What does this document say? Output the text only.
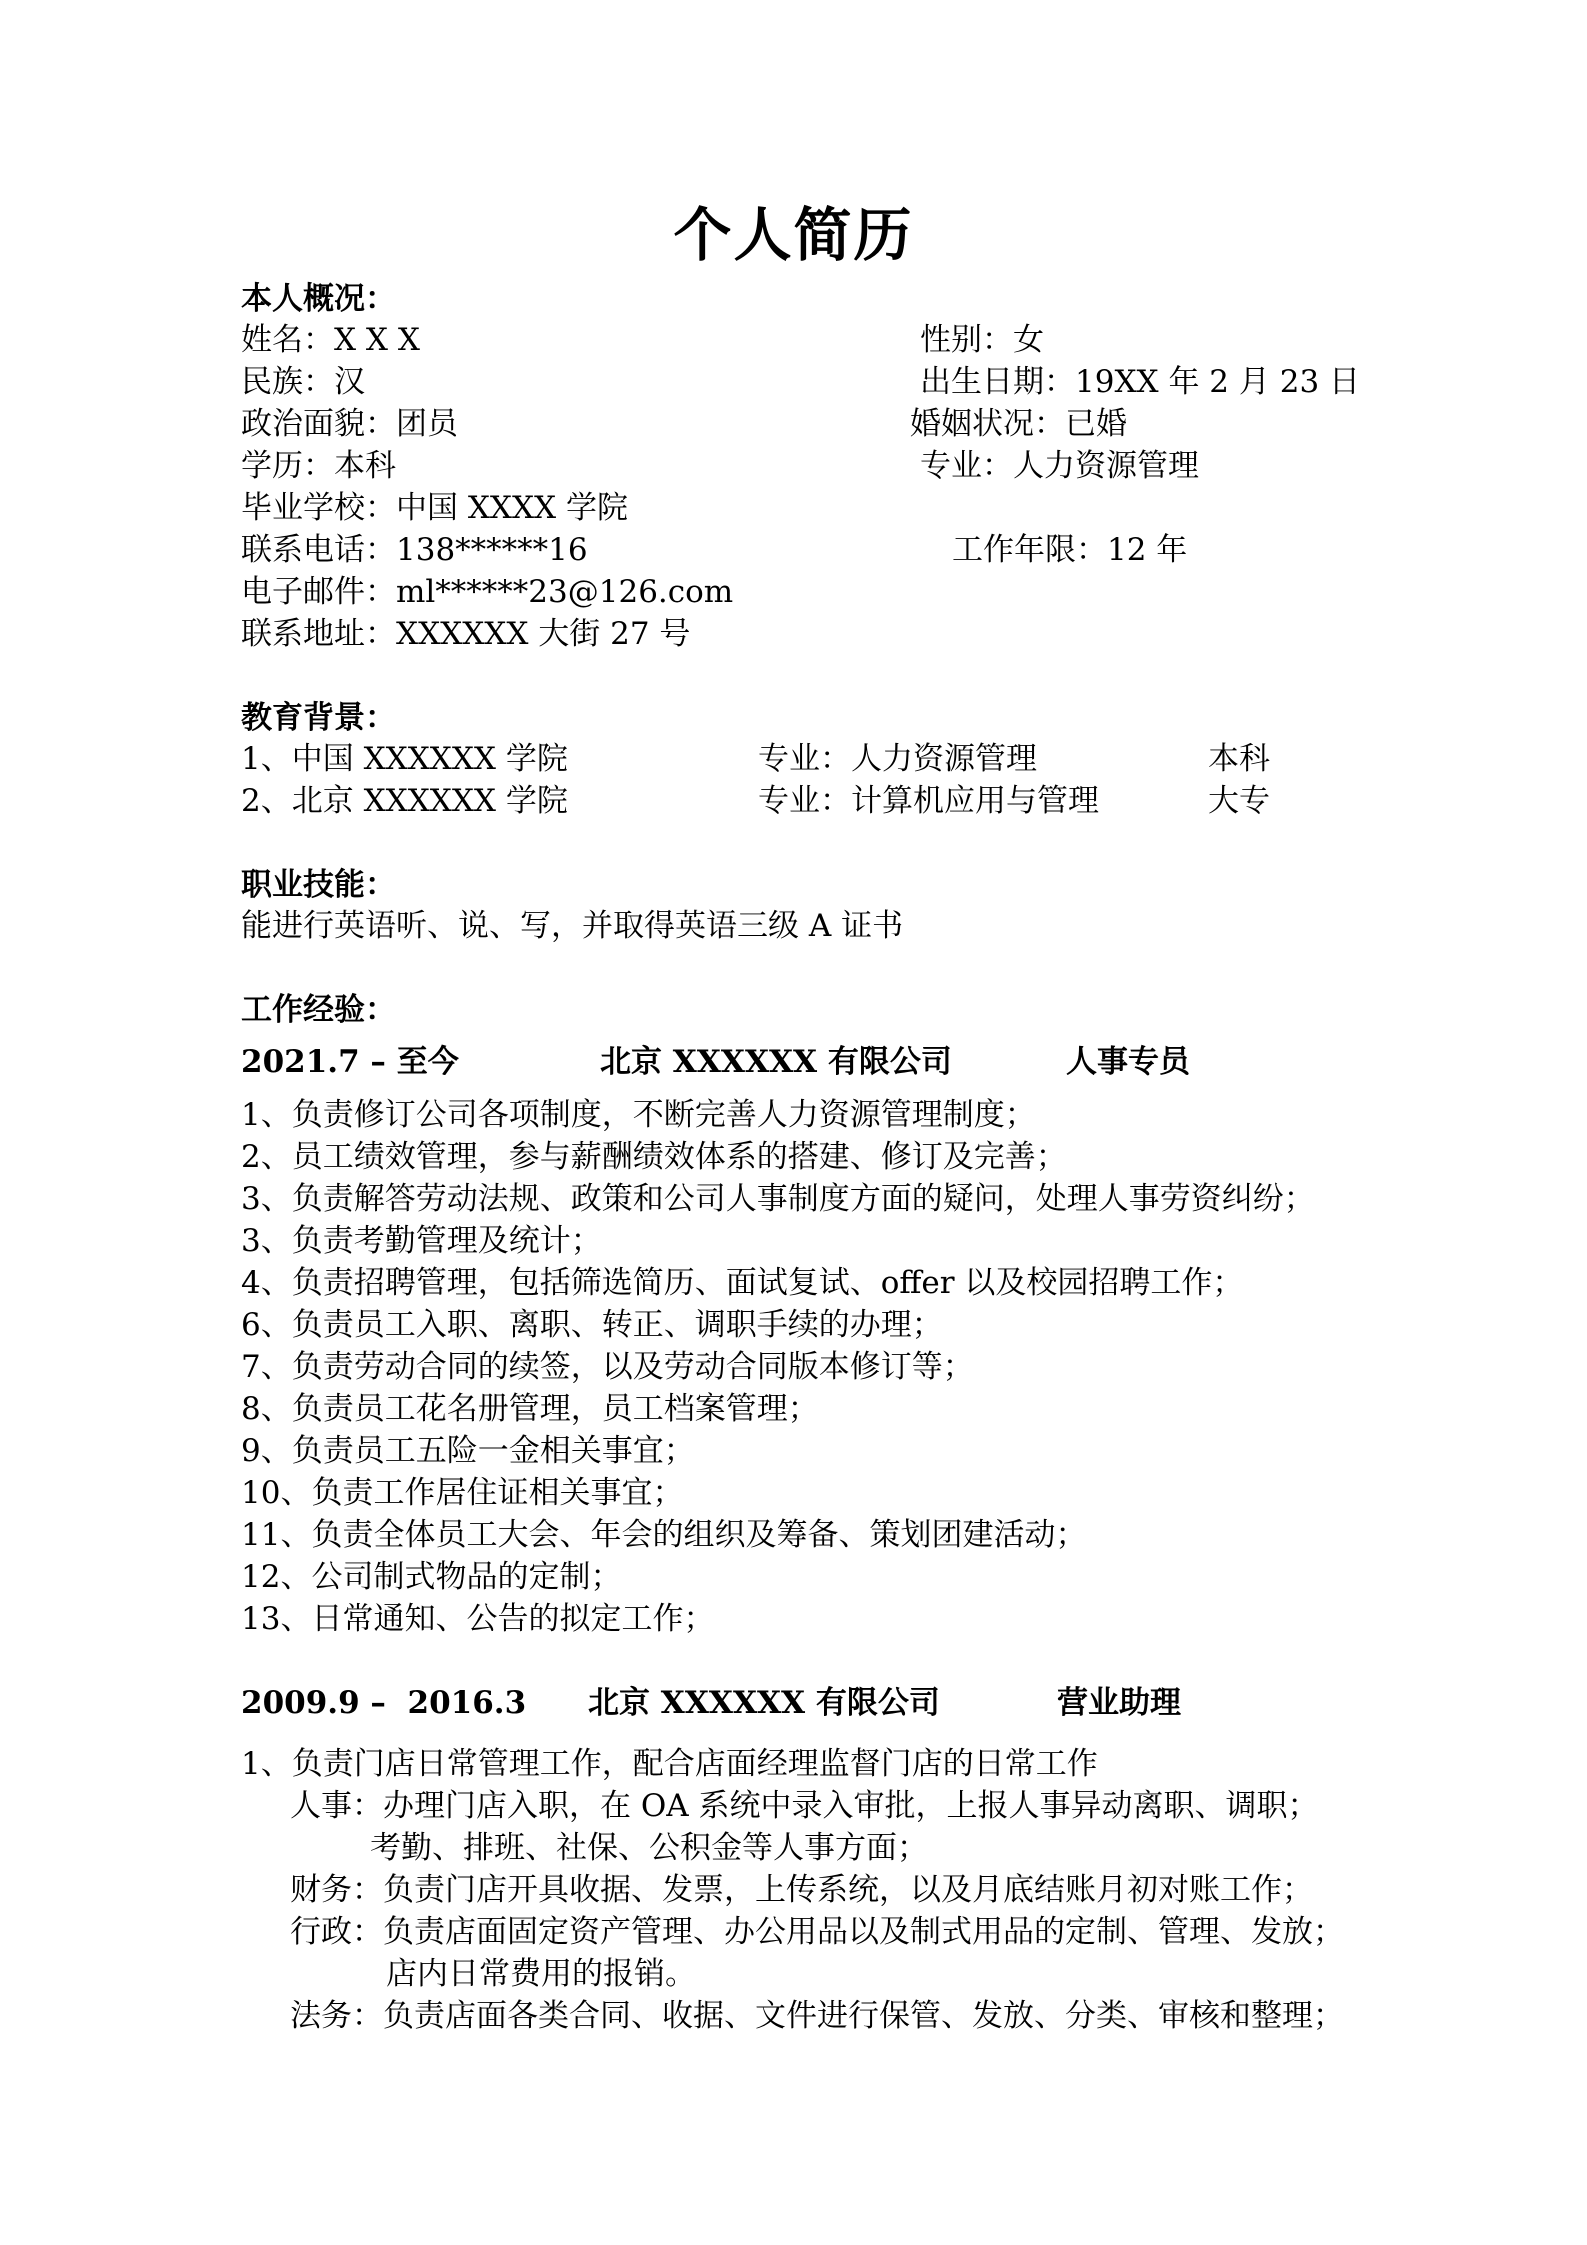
个人简历
本人概况：
姓名：X X X	性别：女
民族：汉	出生日期：19XX 年 2 月 23 日
政治面貌：团员	婚姻状况：已婚
学历：本科	专业：人力资源管理
毕业学校：中国 XXXX 学院
联系电话：138******16	工作年限：12 年
电子邮件：ml******23@126.com
联系地址：XXXXXX 大街 27 号
教育背景：
1、中国 XXXXXX 学院	专业：人力资源管理	本科
2、北京 XXXXXX 学院	专业：计算机应用与管理	大专
职业技能：
能进行英语听、说、写，并取得英语三级 A 证书
工作经验：
2021.7 – 至今	北京 XXXXXX 有限公司	人事专员
1、负责修订公司各项制度，不断完善人力资源管理制度；
2、员工绩效管理，参与薪酬绩效体系的搭建、修订及完善；
3、负责解答劳动法规、政策和公司人事制度方面的疑问，处理人事劳资纠纷；
3、负责考勤管理及统计；
4、负责招聘管理，包括筛选简历、面试复试、offer 以及校园招聘工作；
6、负责员工入职、离职、转正、调职手续的办理；
7、负责劳动合同的续签，以及劳动合同版本修订等；
8、负责员工花名册管理，员工档案管理；
9、负责员工五险一金相关事宜；
10、负责工作居住证相关事宜；
11、负责全体员工大会、年会的组织及筹备、策划团建活动；
12、公司制式物品的定制；
13、日常通知、公告的拟定工作；
2009.9 –  2016.3 北京 XXXXXX 有限公司	营业助理
1、负责门店日常管理工作，配合店面经理监督门店的日常工作
人事：办理门店入职，在 OA 系统中录入审批，上报人事异动离职、调职；
考勤、排班、社保、公积金等人事方面；
财务：负责门店开具收据、发票，上传系统，以及月底结账月初对账工作；
行政：负责店面固定资产管理、办公用品以及制式用品的定制、管理、发放；
店内日常费用的报销。
法务：负责店面各类合同、收据、文件进行保管、发放、分类、审核和整理；
